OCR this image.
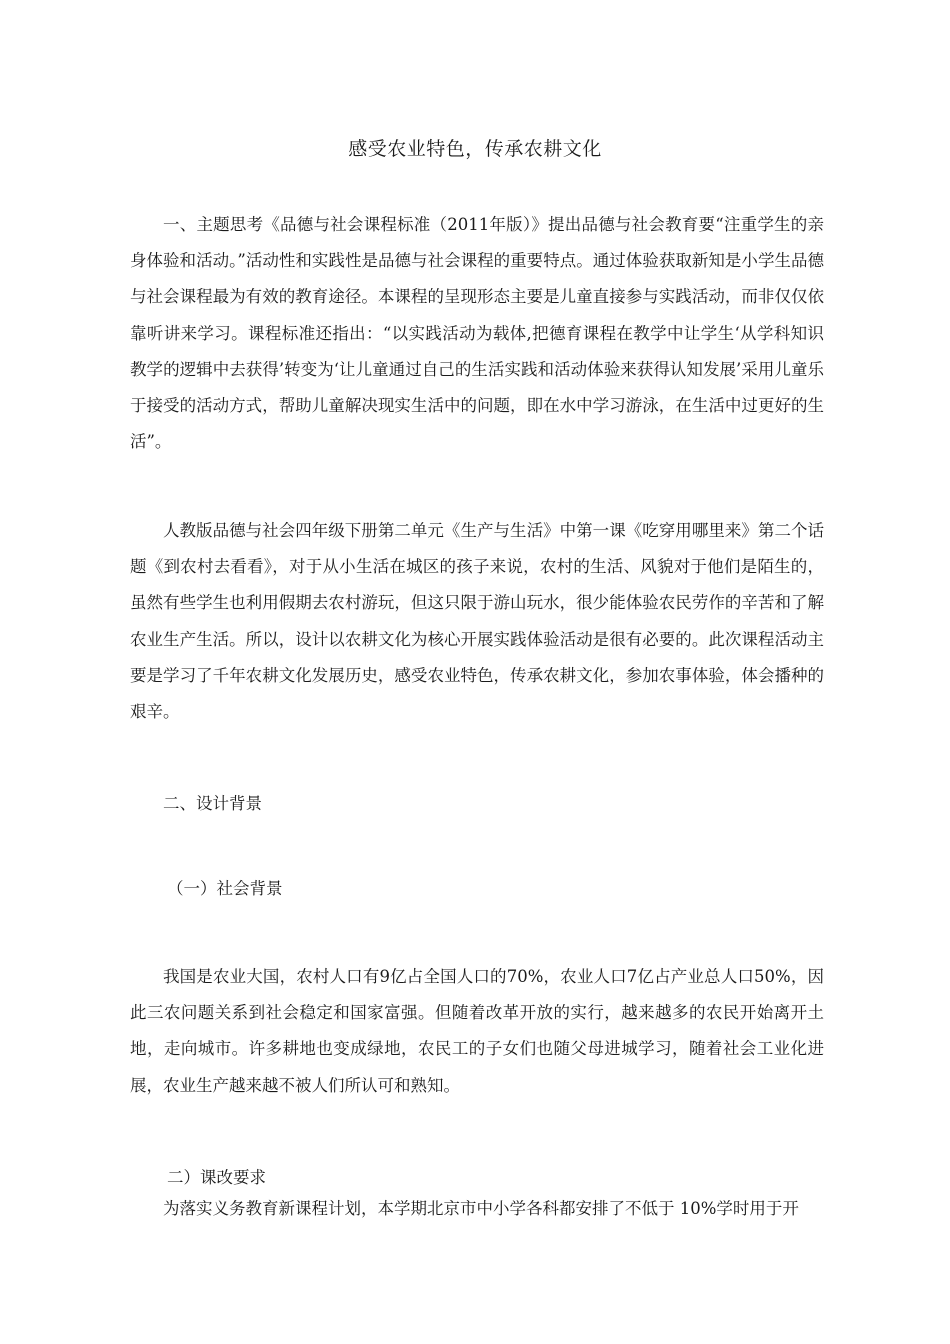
感受农业特色，传承农耕文化

一、主题思考《品德与社会课程标准（2011年版）》提出品德与社会教育要“注重学生的亲身体验和活动。”活动性和实践性是品德与社会课程的重要特点。通过体验获取新知是小学生品德与社会课程最为有效的教育途径。本课程的呈现形态主要是儿童直接参与实践活动，而非仅仅依靠听讲来学习。课程标准还指出：“以实践活动为载体,把德育课程在教学中让学生‘从学科知识教学的逻辑中去获得’转变为‘让儿童通过自己的生活实践和活动体验来获得认知发展’采用儿童乐于接受的活动方式，帮助儿童解决现实生活中的问题，即在水中学习游泳，在生活中过更好的生活”。

人教版品德与社会四年级下册第二单元《生产与生活》中第一课《吃穿用哪里来》第二个话题《到农村去看看》，对于从小生活在城区的孩子来说，农村的生活、风貌对于他们是陌生的，虽然有些学生也利用假期去农村游玩，但这只限于游山玩水，很少能体验农民劳作的辛苦和了解农业生产生活。所以，设计以农耕文化为核心开展实践体验活动是很有必要的。此次课程活动主要是学习了千年农耕文化发展历史，感受农业特色，传承农耕文化，参加农事体验，体会播种的艰辛。

二、设计背景

（一）社会背景

我国是农业大国，农村人口有9亿占全国人口的70%，农业人口7亿占产业总人口50%，因此三农问题关系到社会稳定和国家富强。但随着改革开放的实行，越来越多的农民开始离开土地，走向城市。许多耕地也变成绿地，农民工的子女们也随父母进城学习，随着社会工业化进展，农业生产越来越不被人们所认可和熟知。

二）课改要求

为落实义务教育新课程计划，本学期北京市中小学各科都安排了不低于 10%学时用于开
